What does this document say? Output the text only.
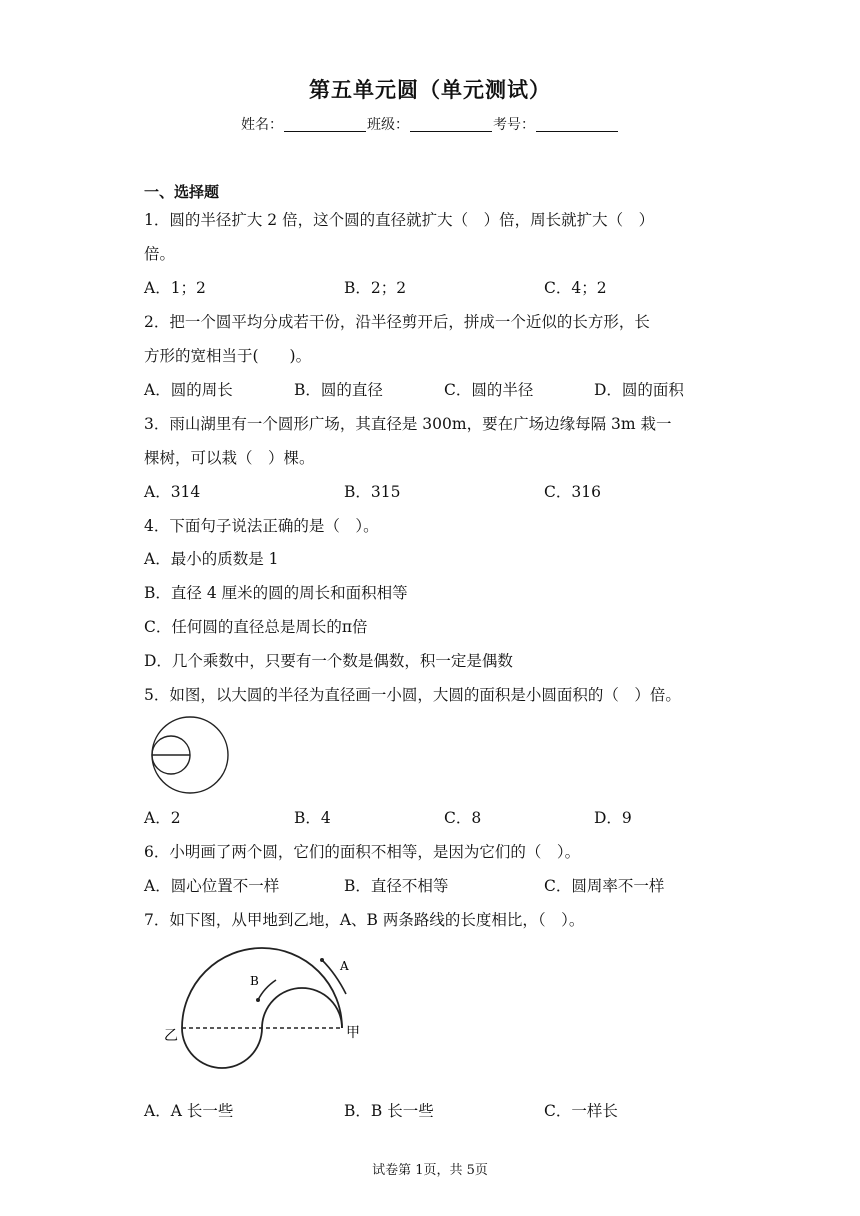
第五单元圆（单元测试）
姓名：	班级：	考号：
一、选择题
1．圆的半径扩大 2 倍，这个圆的直径就扩大（　）倍，周长就扩大（　）
倍。
A．1；2	B．2；2	C．4；2
2．把一个圆平均分成若干份，沿半径剪开后，拼成一个近似的长方形，长
方形的宽相当于(　　)。
A．圆的周长	B．圆的直径	C．圆的半径	D．圆的面积
3．雨山湖里有一个圆形广场，其直径是 300m，要在广场边缘每隔 3m 栽一
棵树，可以栽（　）棵。
A．314	B．315	C．316
4．下面句子说法正确的是（　）。
A．最小的质数是 1
B．直径 4 厘米的圆的周长和面积相等
C．任何圆的直径总是周长的π倍
D．几个乘数中，只要有一个数是偶数，积一定是偶数
5．如图，以大圆的半径为直径画一小圆，大圆的面积是小圆面积的（　）倍。
A．2	B．4	C．8	D．9
6．小明画了两个圆，它们的面积不相等，是因为它们的（　）。
A．圆心位置不一样	B．直径不相等	C．圆周率不一样
7．如下图，从甲地到乙地，A、B 两条路线的长度相比，（　）。
A
B
乙	甲
A．A 长一些	B．B 长一些	C．一样长
试卷第 1页，共 5页
